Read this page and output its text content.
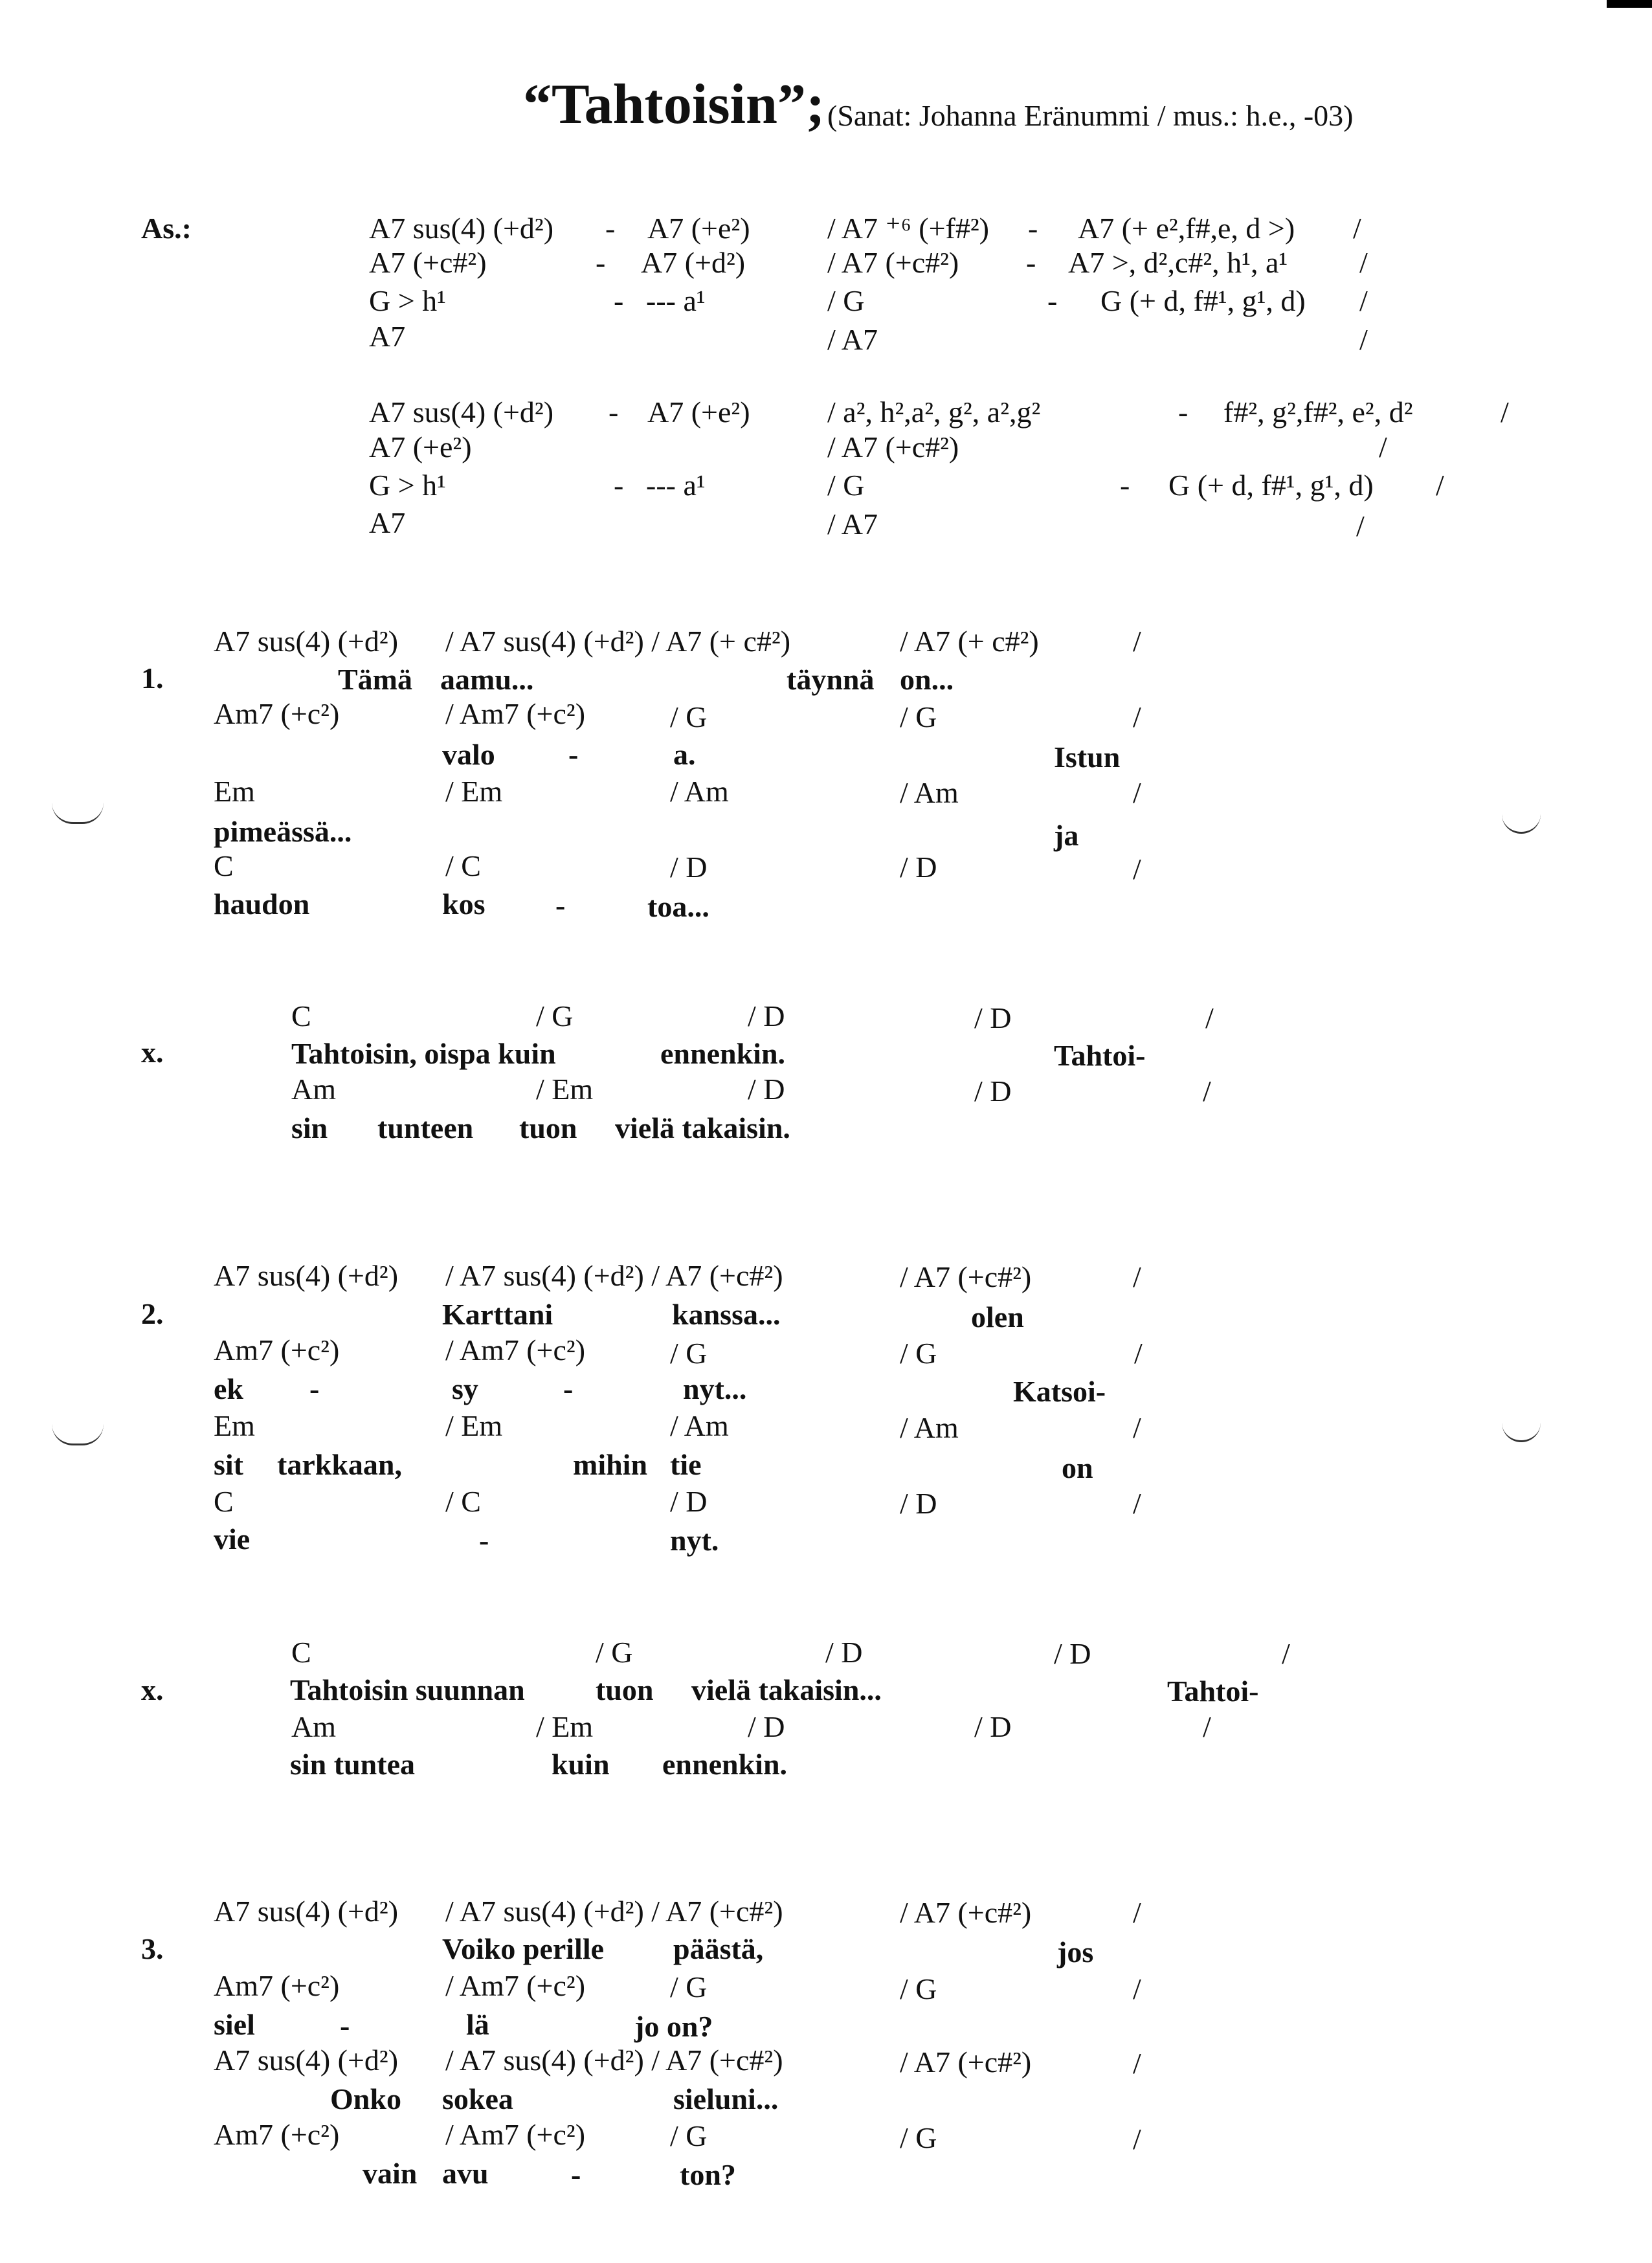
“Tahtoisin”; (Sanat: Johanna Eränummi / mus.: h.e., -03)
As.:	A7 sus(4) (+d²) - A7 (+e²)	/ A7 ⁺⁶ (+f#²) - A7 (+ e²,f#,e, d >) /
A7 (+c#²)	- A7 (+d²)	/ A7 (+c#²) - A7 >, d²,c#², h¹, a¹ /
G > h¹	- --- a¹	/ G	- G (+ d, f#¹, g¹, d) /
A7	/ A7	/
A7 sus(4) (+d²) - A7 (+e²)	/ a², h²,a², g², a²,g²	- f#², g²,f#², e², d²	/
A7 (+e²)	/ A7 (+c#²)	/
G > h¹	- --- a¹	/ G	- G (+ d, f#¹, g¹, d) /
A7	/ A7	/
1.
A7 sus(4) (+d²) / A7 sus(4) (+d²) / A7 (+ c#²)	/ A7 (+ c#²)	/
Tämä aamu...	täynnä on...
Am7 (+c²)	/ Am7 (+c²)	/ G	/ G	/
valo -	a.	Istun
Em	/ Em	/ Am	/ Am	/
pimeässä...	ja
C	/ C	/ D	/ D	/
haudon	kos -	toa...
x.
C	/ G	/ D	/ D	/
Tahtoisin, oispa kuin	ennenkin.	Tahtoi-
Am	/ Em	/ D	/ D	/
sin tunteen tuon vielä takaisin.
2.
A7 sus(4) (+d²) / A7 sus(4) (+d²) / A7 (+c#²)	/ A7 (+c#²)	/
Karttani	kanssa...	olen
Am7 (+c²)	/ Am7 (+c²)	/ G	/ G	/
ek -	sy	-	nyt...	Katsoi-
Em	/ Em	/ Am	/ Am	/
sit tarkkaan,	mihin tie	on
C	/ C	/ D	/ D	/
vie	-	nyt.
x.
C	/ G	/ D	/ D	/
Tahtoisin suunnan tuon vielä takaisin...	Tahtoi-
Am	/ Em	/ D	/ D	/
sin tuntea	kuin ennenkin.
3.
A7 sus(4) (+d²) / A7 sus(4) (+d²) / A7 (+c#²)	/ A7 (+c#²)	/
Voiko perille päästä,	jos
Am7 (+c²)	/ Am7 (+c²)	/ G	/ G	/
siel	-	lä	jo on?
A7 sus(4) (+d²) / A7 sus(4) (+d²) / A7 (+c#²)	/ A7 (+c#²)	/
Onko sokea	sieluni...
Am7 (+c²)	/ Am7 (+c²)	/ G	/ G	/
vain avu	-	ton?
